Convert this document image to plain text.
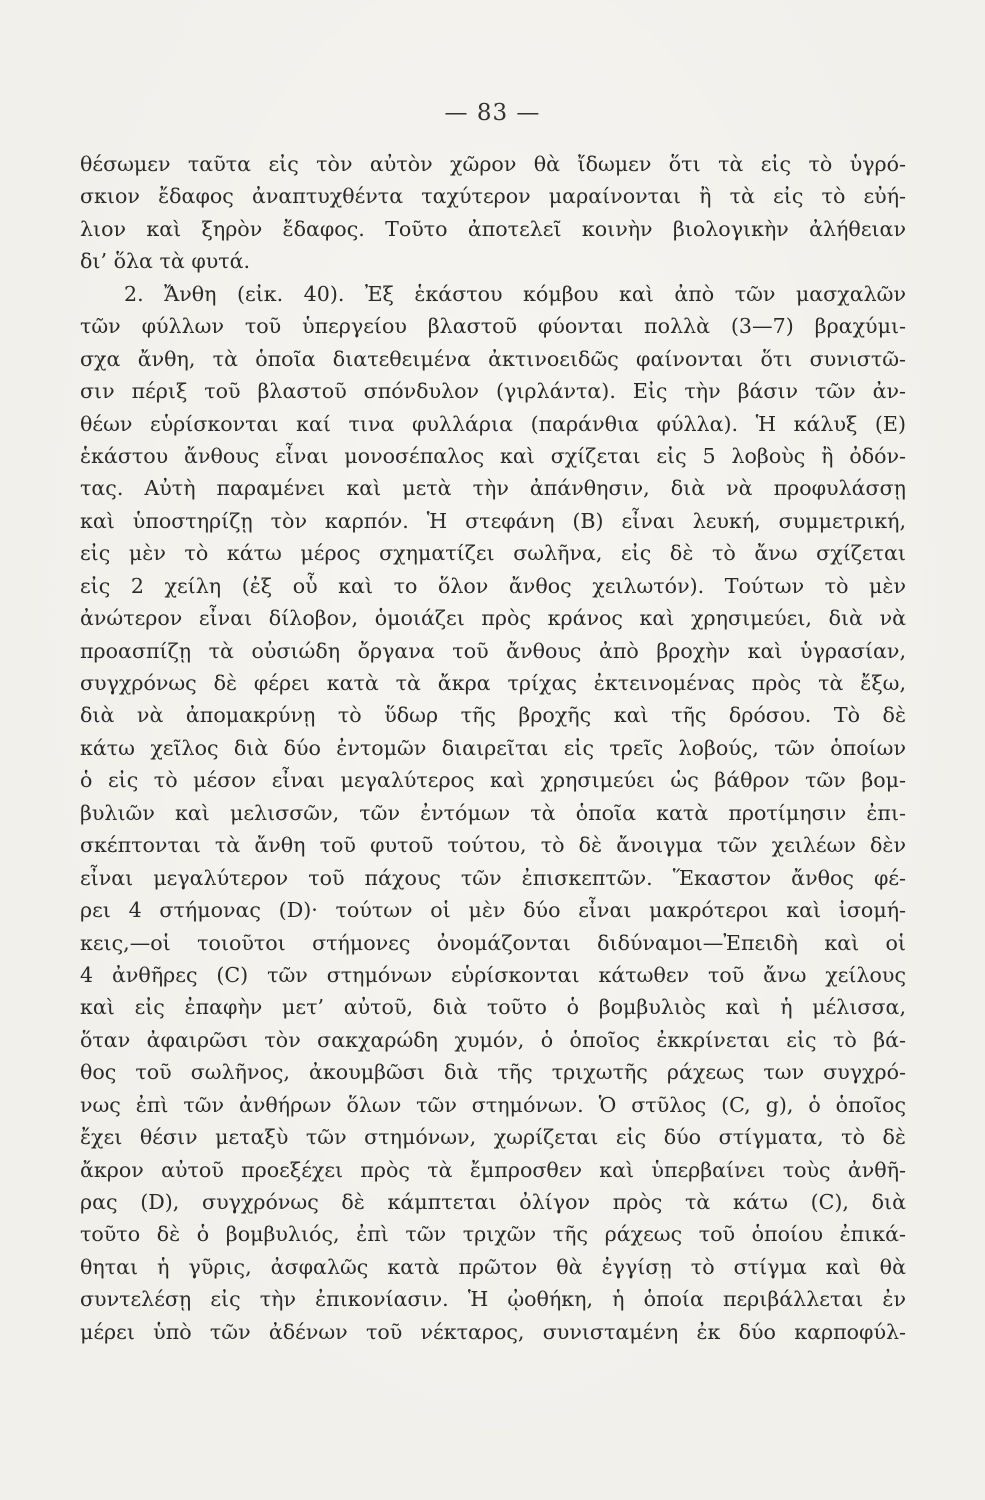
— 83 —
θέσωμεν ταῦτα εἰς τὸν αὐτὸν χῶρον θὰ ἴδωμεν ὅτι τὰ εἰς τὸ ὑγρό-
σκιον ἔδαφος ἀναπτυχθέντα ταχύτερον μαραίνονται ἢ τὰ εἰς τὸ εὐή-
λιον καὶ ξηρὸν ἔδαφος. Τοῦτο ἀποτελεῖ κοινὴν βιολογικὴν ἀλήθειαν
δι’ ὅλα τὰ φυτά.
2. Ἄνθη (εἰκ. 40). Ἐξ ἑκάστου κόμβου καὶ ἀπὸ τῶν μασχαλῶν
τῶν φύλλων τοῦ ὑπεργείου βλαστοῦ φύονται πολλὰ (3—7) βραχύμι-
σχα ἄνθη, τὰ ὁποῖα διατεθειμένα ἀκτινοειδῶς φαίνονται ὅτι συνιστῶ-
σιν πέριξ τοῦ βλαστοῦ σπόνδυλον (γιρλάντα). Εἰς τὴν βάσιν τῶν ἀν-
θέων εὑρίσκονται καί τινα φυλλάρια (παράνθια φύλλα). Ἡ κάλυξ (Ε)
ἑκάστου ἄνθους εἶναι μονοσέπαλος καὶ σχίζεται εἰς 5 λοβοὺς ἢ ὀδόν-
τας. Αὐτὴ παραμένει καὶ μετὰ τὴν ἀπάνθησιν, διὰ νὰ προφυλάσσῃ
καὶ ὑποστηρίζῃ τὸν καρπόν. Ἡ στεφάνη (Β) εἶναι λευκή, συμμετρική,
εἰς μὲν τὸ κάτω μέρος σχηματίζει σωλῆνα, εἰς δὲ τὸ ἄνω σχίζεται
εἰς 2 χείλη (ἐξ οὗ καὶ το ὅλον ἄνθος χειλωτόν). Τούτων τὸ μὲν
ἀνώτερον εἶναι δίλοβον, ὁμοιάζει πρὸς κράνος καὶ χρησιμεύει, διὰ νὰ
προασπίζῃ τὰ οὐσιώδη ὄργανα τοῦ ἄνθους ἀπὸ βροχὴν καὶ ὑγρασίαν,
συγχρόνως δὲ φέρει κατὰ τὰ ἄκρα τρίχας ἐκτεινομένας πρὸς τὰ ἔξω,
διὰ νὰ ἀπομακρύνῃ τὸ ὕδωρ τῆς βροχῆς καὶ τῆς δρόσου. Τὸ δὲ
κάτω χεῖλος διὰ δύο ἐντομῶν διαιρεῖται εἰς τρεῖς λοβούς, τῶν ὁποίων
ὁ εἰς τὸ μέσον εἶναι μεγαλύτερος καὶ χρησιμεύει ὡς βάθρον τῶν βομ-
βυλιῶν καὶ μελισσῶν, τῶν ἐντόμων τὰ ὁποῖα κατὰ προτίμησιν ἐπι-
σκέπτονται τὰ ἄνθη τοῦ φυτοῦ τούτου, τὸ δὲ ἄνοιγμα τῶν χειλέων δὲν
εἶναι μεγαλύτερον τοῦ πάχους τῶν ἐπισκεπτῶν. Ἕκαστον ἄνθος φέ-
ρει 4 στήμονας (D)· τούτων οἱ μὲν δύο εἶναι μακρότεροι καὶ ἰσομή-
κεις,—οἱ τοιοῦτοι στήμονες ὀνομάζονται διδύναμοι—Ἐπειδὴ καὶ οἱ
4 ἀνθῆρες (C) τῶν στημόνων εὑρίσκονται κάτωθεν τοῦ ἄνω χείλους
καὶ εἰς ἐπαφὴν μετ’ αὐτοῦ, διὰ τοῦτο ὁ βομβυλιὸς καὶ ἡ μέλισσα,
ὅταν ἀφαιρῶσι τὸν σακχαρώδη χυμόν, ὁ ὁποῖος ἐκκρίνεται εἰς τὸ βά-
θος τοῦ σωλῆνος, ἀκουμβῶσι διὰ τῆς τριχωτῆς ράχεως των συγχρό-
νως ἐπὶ τῶν ἀνθήρων ὅλων τῶν στημόνων. Ὁ στῦλος (C, g), ὁ ὁποῖος
ἔχει θέσιν μεταξὺ τῶν στημόνων, χωρίζεται εἰς δύο στίγματα, τὸ δὲ
ἄκρον αὐτοῦ προεξέχει πρὸς τὰ ἔμπροσθεν καὶ ὑπερβαίνει τοὺς ἀνθῆ-
ρας (D), συγχρόνως δὲ κάμπτεται ὀλίγον πρὸς τὰ κάτω (C), διὰ
τοῦτο δὲ ὁ βομβυλιός, ἐπὶ τῶν τριχῶν τῆς ράχεως τοῦ ὁποίου ἐπικά-
θηται ἡ γῦρις, ἀσφαλῶς κατὰ πρῶτον θὰ ἐγγίσῃ τὸ στίγμα καὶ θὰ
συντελέσῃ εἰς τὴν ἐπικονίασιν. Ἡ ᾠοθήκη, ἡ ὁποία περιβάλλεται ἐν
μέρει ὑπὸ τῶν ἀδένων τοῦ νέκταρος, συνισταμένη ἐκ δύο καρποφύλ-
